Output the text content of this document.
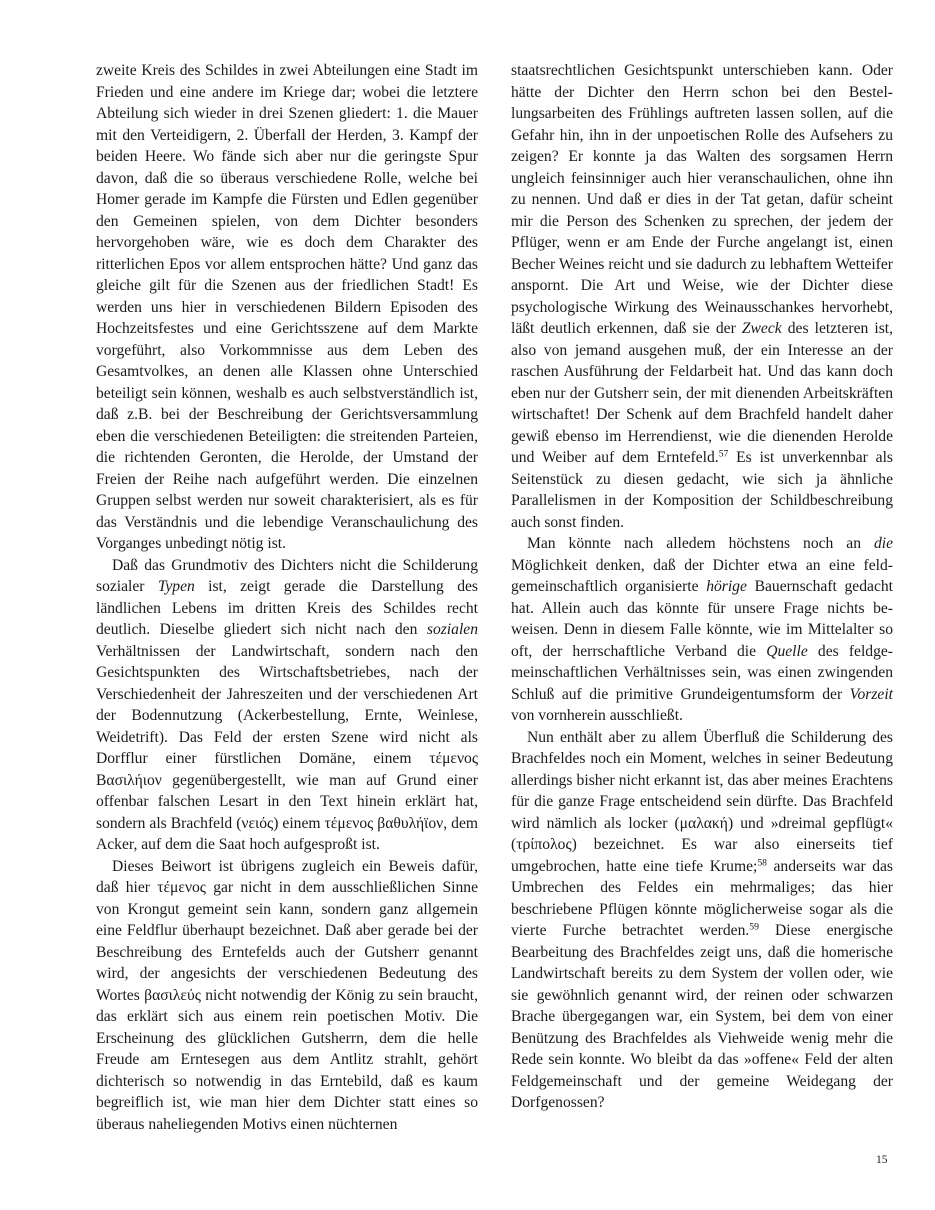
zweite Kreis des Schildes in zwei Abteilungen eine Stadt im Frieden und eine andere im Kriege dar; wobei die letztere Abteilung sich wieder in drei Szenen gliedert: 1. die Mauer mit den Verteidigern, 2. Überfall der Herden, 3. Kampf der beiden Heere. Wo fände sich aber nur die geringste Spur davon, daß die so überaus verschiedene Rolle, welche bei Homer gerade im Kampfe die Fürsten und Edlen gegenüber den Gemeinen spielen, von dem Dichter besonders hervorgehoben wäre, wie es doch dem Charakter des ritterlichen Epos vor allem entsprochen hätte? Und ganz das gleiche gilt für die Szenen aus der friedlichen Stadt! Es werden uns hier in verschiedenen Bildern Episoden des Hochzeitsfestes und eine Gerichtsszene auf dem Markte vorgeführt, also Vorkommnisse aus dem Leben des Gesamtvolkes, an denen alle Klassen ohne Unterschied beteiligt sein können, weshalb es auch selbstverständlich ist, daß z.B. bei der Beschreibung der Gerichtsversammlung eben die verschiedenen Beteiligten: die streitenden Parteien, die richtenden Geronten, die Herolde, der Umstand der Freien der Reihe nach aufgeführt werden. Die einzelnen Gruppen selbst werden nur soweit charakterisiert, als es für das Verständnis und die lebendige Veranschaulichung des Vorganges unbedingt nötig ist.

Daß das Grundmotiv des Dichters nicht die Schilderung sozialer Typen ist, zeigt gerade die Darstellung des ländlichen Lebens im dritten Kreis des Schildes recht deutlich. Dieselbe gliedert sich nicht nach den sozialen Verhältnissen der Landwirtschaft, sondern nach den Gesichtspunkten des Wirtschaftsbetriebes, nach der Verschiedenheit der Jahreszeiten und der verschiedenen Art der Bodennutzung (Ackerbestellung, Ernte, Weinlese, Weidetrift). Das Feld der ersten Szene wird nicht als Dorfflur einer fürstlichen Domäne, einem τέμενος Βασιλήιον gegenübergestellt, wie man auf Grund einer offenbar falschen Lesart in den Text hinein erklärt hat, sondern als Brachfeld (νειός) einem τέμενος βαθυλήϊον, dem Acker, auf dem die Saat hoch aufgesproßt ist.

Dieses Beiwort ist übrigens zugleich ein Beweis dafür, daß hier τέμενος gar nicht in dem ausschließlichen Sinne von Krongut gemeint sein kann, sondern ganz allgemein eine Feldflur überhaupt bezeichnet. Daß aber gerade bei der Beschreibung des Erntefelds auch der Gutsherr genannt wird, der angesichts der verschiedenen Bedeutung des Wortes βασιλεύς nicht notwendig der König zu sein braucht, das erklärt sich aus einem rein poetischen Motiv. Die Erscheinung des glücklichen Gutsherrn, dem die helle Freude am Erntesegen aus dem Antlitz strahlt, gehört dichterisch so notwendig in das Erntebild, daß es kaum begreiflich ist, wie man hier dem Dichter statt eines so überaus naheliegenden Motivs einen nüchternen

staatsrechtlichen Gesichtspunkt unterschieben kann. Oder hätte der Dichter den Herrn schon bei den Bestellungsarbeiten des Frühlings auftreten lassen sollen, auf die Gefahr hin, ihn in der unpoetischen Rolle des Aufsehers zu zeigen? Er konnte ja das Walten des sorgsamen Herrn ungleich feinsinniger auch hier veranschaulichen, ohne ihn zu nennen. Und daß er dies in der Tat getan, dafür scheint mir die Person des Schenken zu sprechen, der jedem der Pflüger, wenn er am Ende der Furche angelangt ist, einen Becher Weines reicht und sie dadurch zu lebhaftem Wetteifer anspornt. Die Art und Weise, wie der Dichter diese psychologische Wirkung des Weinausschankes hervorhebt, läßt deutlich erkennen, daß sie der Zweck des letzteren ist, also von jemand ausgehen muß, der ein Interesse an der raschen Ausführung der Feldarbeit hat. Und das kann doch eben nur der Gutsherr sein, der mit dienenden Arbeitskräften wirtschaftet! Der Schenk auf dem Brachfeld handelt daher gewiß ebenso im Herrendienst, wie die dienenden Herolde und Weiber auf dem Erntefeld.$^{57}$ Es ist unverkennbar als Seitenstück zu diesen gedacht, wie sich ja ähnliche Parallelismen in der Komposition der Schildbeschreibung auch sonst finden.

Man könnte nach alledem höchstens noch an die Möglichkeit denken, daß der Dichter etwa an eine feldgemeinschaftlich organisierte hörige Bauernschaft gedacht hat. Allein auch das könnte für unsere Frage nichts beweisen. Denn in diesem Falle könnte, wie im Mittelalter so oft, der herrschaftliche Verband die Quelle des feldgemeinschaftlichen Verhältnisses sein, was einen zwingenden Schluß auf die primitive Grundeigentumsform der Vorzeit von vornherein ausschließt.

Nun enthält aber zu allem Überfluß die Schilderung des Brachfeldes noch ein Moment, welches in seiner Bedeutung allerdings bisher nicht erkannt ist, das aber meines Erachtens für die ganze Frage entscheidend sein dürfte. Das Brachfeld wird nämlich als locker (μαλακή) und »dreimal gepflügt« (τρίπολος) bezeichnet. Es war also einerseits tief umgebrochen, hatte eine tiefe Krume;$^{58}$ anderseits war das Umbrechen des Feldes ein mehrmaliges; das hier beschriebene Pflügen könnte möglicherweise sogar als die vierte Furche betrachtet werden.$^{59}$ Diese energische Bearbeitung des Brachfeldes zeigt uns, daß die homerische Landwirtschaft bereits zu dem System der vollen oder, wie sie gewöhnlich genannt wird, der reinen oder schwarzen Brache übergegangen war, ein System, bei dem von einer Benützung des Brachfeldes als Viehweide wenig mehr die Rede sein konnte. Wo bleibt da das »offene« Feld der alten Feldgemeinschaft und der gemeine Weidegang der Dorfgenossen?

15
